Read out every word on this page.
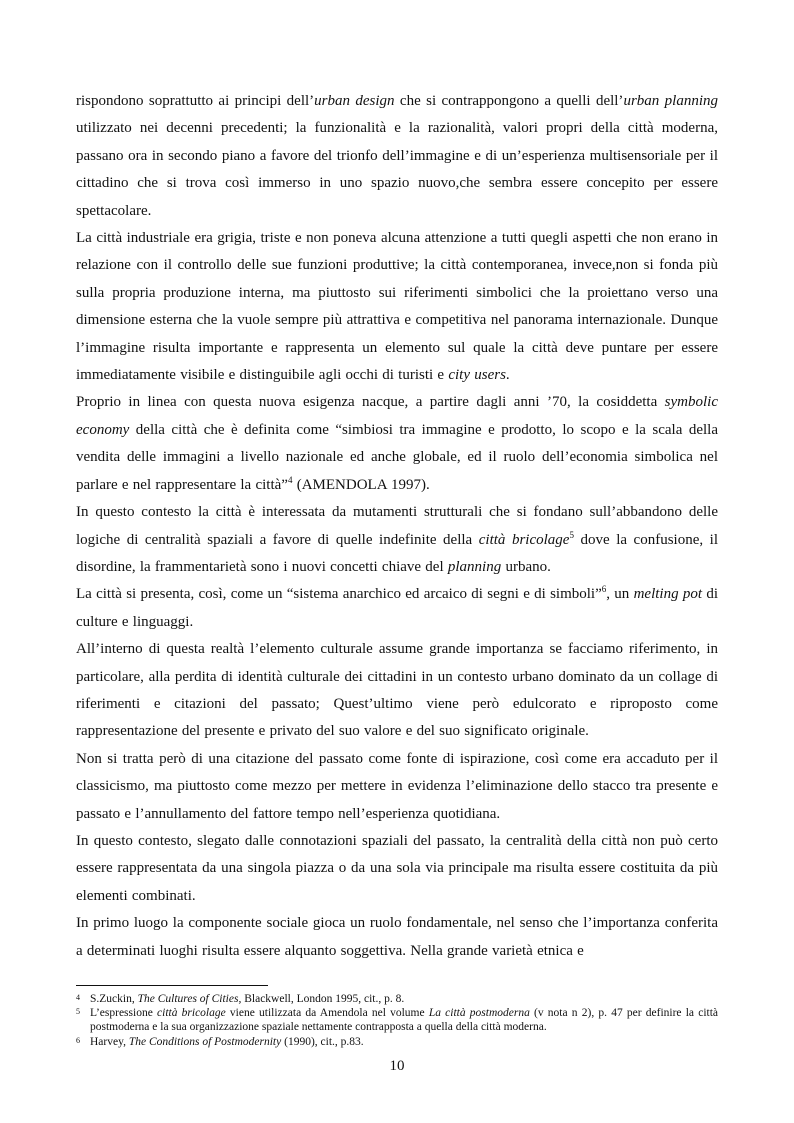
rispondono soprattutto ai principi dell’urban design che si contrappongono a quelli dell’urban planning utilizzato nei decenni precedenti; la funzionalità e la razionalità, valori propri della città moderna, passano ora in secondo piano a favore del trionfo dell’immagine e di un’esperienza multisensoriale per il cittadino che si trova così immerso in uno spazio nuovo,che sembra essere concepito per essere spettacolare.

La città industriale era grigia, triste e non poneva alcuna attenzione a tutti quegli aspetti che non erano in relazione con il controllo delle sue funzioni produttive; la città contemporanea, invece,non si fonda più sulla propria produzione interna, ma piuttosto sui riferimenti simbolici che la proiettano verso una dimensione esterna che la vuole sempre più attrattiva e competitiva nel panorama internazionale. Dunque l’immagine risulta importante e rappresenta un elemento sul quale la città deve puntare per essere immediatamente visibile e distinguibile agli occhi di turisti e city users.

Proprio in linea con questa nuova esigenza nacque, a partire dagli anni ’70, la cosiddetta symbolic economy della città che è definita come “simbiosi tra immagine e prodotto, lo scopo e la scala della vendita delle immagini a livello nazionale ed anche globale, ed il ruolo dell’economia simbolica nel parlare e nel rappresentare la città”$^4$ (AMENDOLA 1997).

In questo contesto la città è interessata da mutamenti strutturali che si fondano sull’abbandono delle logiche di centralità spaziali a favore di quelle indefinite della città bricolage$^5$ dove la confusione, il disordine, la frammentarietà sono i nuovi concetti chiave del planning urbano.

La città si presenta, così, come un “sistema anarchico ed arcaico di segni e di simboli”$^6$, un melting pot di culture e linguaggi.

All’interno di questa realtà l’elemento culturale assume grande importanza se facciamo riferimento, in particolare, alla perdita di identità culturale dei cittadini in un contesto urbano dominato da un collage di riferimenti e citazioni del passato; Quest’ultimo viene però edulcorato e riproposto come rappresentazione del presente e privato del suo valore e del suo significato originale.

Non si tratta però di una citazione del passato come fonte di ispirazione, così come era accaduto per il classicismo, ma piuttosto come mezzo per mettere in evidenza l’eliminazione dello stacco tra presente e passato e l’annullamento del fattore tempo nell’esperienza quotidiana.

In questo contesto, slegato dalle connotazioni spaziali del passato, la centralità della città non può certo essere rappresentata da una singola piazza o da una sola via principale ma risulta essere costituita da più elementi combinati.

In primo luogo la componente sociale gioca un ruolo fondamentale, nel senso che l’importanza conferita a determinati luoghi risulta essere alquanto soggettiva. Nella grande varietà etnica e

4 S.Zuckin, The Cultures of Cities, Blackwell, London 1995, cit., p. 8.
5 L’espressione città bricolage viene utilizzata da Amendola nel volume La città postmoderna (v nota n 2), p. 47 per definire la città postmoderna e la sua organizzazione spaziale nettamente contrapposta a quella della città moderna.
6 Harvey, The Conditions of Postmodernity (1990), cit., p.83.
10
